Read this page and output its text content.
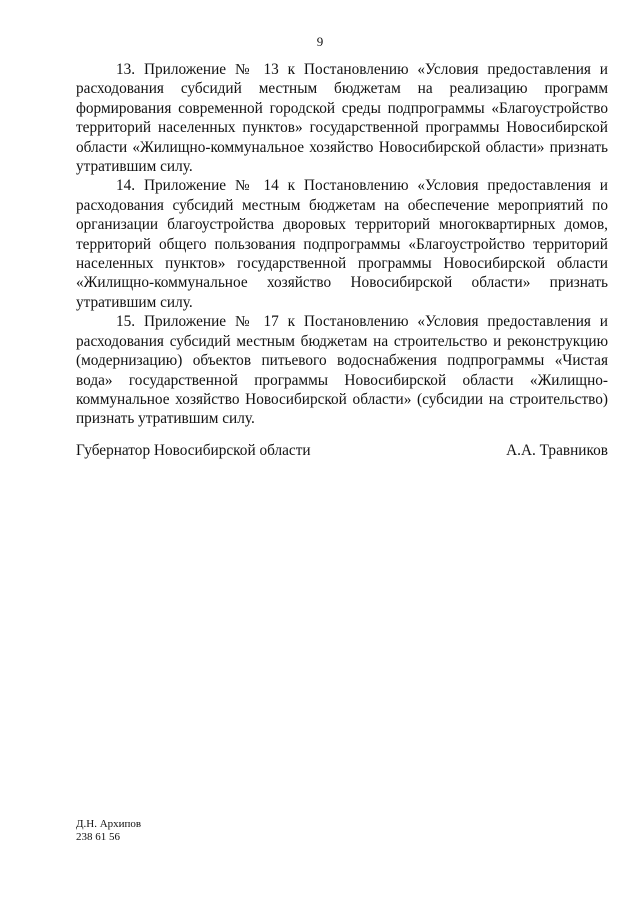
9

13. Приложение № 13 к Постановлению «Условия предоставления и расходования субсидий местным бюджетам на реализацию программ формирования современной городской среды подпрограммы «Благоустройство территорий населенных пунктов» государственной программы Новосибирской области «Жилищно-коммунальное хозяйство Новосибирской области» признать утратившим силу.

14. Приложение № 14 к Постановлению «Условия предоставления и расходования субсидий местным бюджетам на обеспечение мероприятий по организации благоустройства дворовых территорий многоквартирных домов, территорий общего пользования подпрограммы «Благоустройство территорий населенных пунктов» государственной программы Новосибирской области «Жилищно-коммунальное хозяйство Новосибирской области» признать утратившим силу.

15. Приложение № 17 к Постановлению «Условия предоставления и расходования субсидий местным бюджетам на строительство и реконструкцию (модернизацию) объектов питьевого водоснабжения подпрограммы «Чистая вода» государственной программы Новосибирской области «Жилищно-коммунальное хозяйство Новосибирской области» (субсидии на строительство) признать утратившим силу.

Губернатор Новосибирской области	А.А. Травников
Д.Н. Архипов
238 61 56
